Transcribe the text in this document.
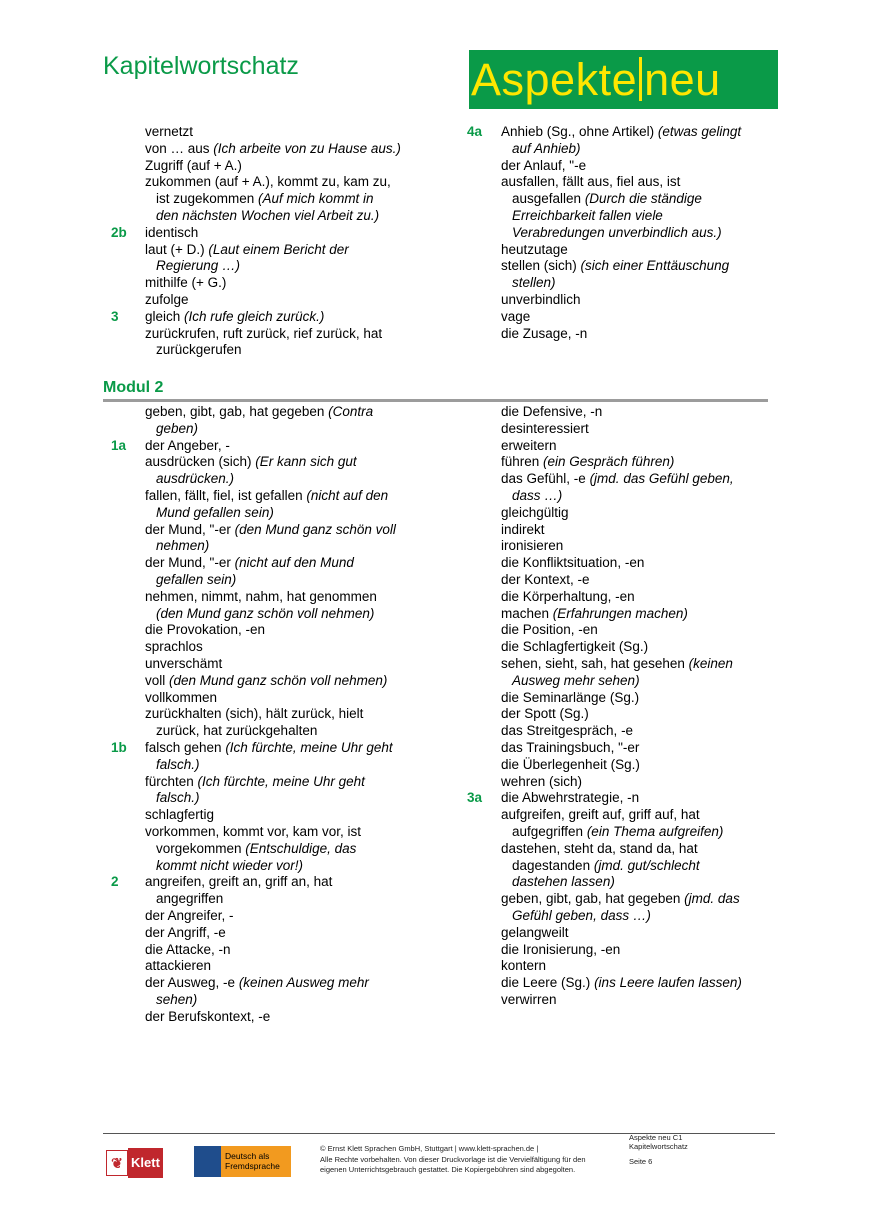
Kapitelwortschatz	Aspekte neu
vernetzt
von … aus (Ich arbeite von zu Hause aus.)
Zugriff (auf + A.)
zukommen (auf + A.), kommt zu, kam zu,
ist zugekommen (Auf mich kommt in
den nächsten Wochen viel Arbeit zu.)
2b identisch
laut (+ D.) (Laut einem Bericht der
Regierung …)
mithilfe (+ G.)
zufolge
3 gleich (Ich rufe gleich zurück.)
zurückrufen, ruft zurück, rief zurück, hat
zurückgerufen
4a Anhieb (Sg., ohne Artikel) (etwas gelingt
auf Anhieb)
der Anlauf, "-e
ausfallen, fällt aus, fiel aus, ist
ausgefallen (Durch die ständige
Erreichbarkeit fallen viele
Verabredungen unverbindlich aus.)
heutzutage
stellen (sich) (sich einer Enttäuschung
stellen)
unverbindlich
vage
die Zusage, -n
Modul 2
geben, gibt, gab, hat gegeben (Contra
geben)
1a der Angeber, -
ausdrücken (sich) (Er kann sich gut
ausdrücken.)
fallen, fällt, fiel, ist gefallen (nicht auf den
Mund gefallen sein)
der Mund, "-er (den Mund ganz schön voll
nehmen)
der Mund, "-er (nicht auf den Mund
gefallen sein)
nehmen, nimmt, nahm, hat genommen
(den Mund ganz schön voll nehmen)
die Provokation, -en
sprachlos
unverschämt
voll (den Mund ganz schön voll nehmen)
vollkommen
zurückhalten (sich), hält zurück, hielt
zurück, hat zurückgehalten
1b falsch gehen (Ich fürchte, meine Uhr geht
falsch.)
fürchten (Ich fürchte, meine Uhr geht
falsch.)
schlagfertig
vorkommen, kommt vor, kam vor, ist
vorgekommen (Entschuldige, das
kommt nicht wieder vor!)
2 angreifen, greift an, griff an, hat
angegriffen
der Angreifer, -
der Angriff, -e
die Attacke, -n
attackieren
der Ausweg, -e (keinen Ausweg mehr
sehen)
der Berufskontext, -e
die Defensive, -n
desinteressiert
erweitern
führen (ein Gespräch führen)
das Gefühl, -e (jmd. das Gefühl geben,
dass …)
gleichgültig
indirekt
ironisieren
die Konfliktsituation, -en
der Kontext, -e
die Körperhaltung, -en
machen (Erfahrungen machen)
die Position, -en
die Schlagfertigkeit (Sg.)
sehen, sieht, sah, hat gesehen (keinen
Ausweg mehr sehen)
die Seminarlänge (Sg.)
der Spott (Sg.)
das Streitgespräch, -e
das Trainingsbuch, "-er
die Überlegenheit (Sg.)
wehren (sich)
3a die Abwehrstrategie, -n
aufgreifen, greift auf, griff auf, hat
aufgegriffen (ein Thema aufgreifen)
dastehen, steht da, stand da, hat
dagestanden (jmd. gut/schlecht
dastehen lassen)
geben, gibt, gab, hat gegeben (jmd. das
Gefühl geben, dass …)
gelangweilt
die Ironisierung, -en
kontern
die Leere (Sg.) (ins Leere laufen lassen)
verwirren
❦ Klett	Deutsch als
Fremdsprache
© Ernst Klett Sprachen GmbH, Stuttgart | www.klett-sprachen.de |
Alle Rechte vorbehalten. Von dieser Druckvorlage ist die Vervielfältigung für den
eigenen Unterrichtsgebrauch gestattet. Die Kopiergebühren sind abgegolten.
Aspekte neu C1
Kapitelwortschatz
Seite 6
